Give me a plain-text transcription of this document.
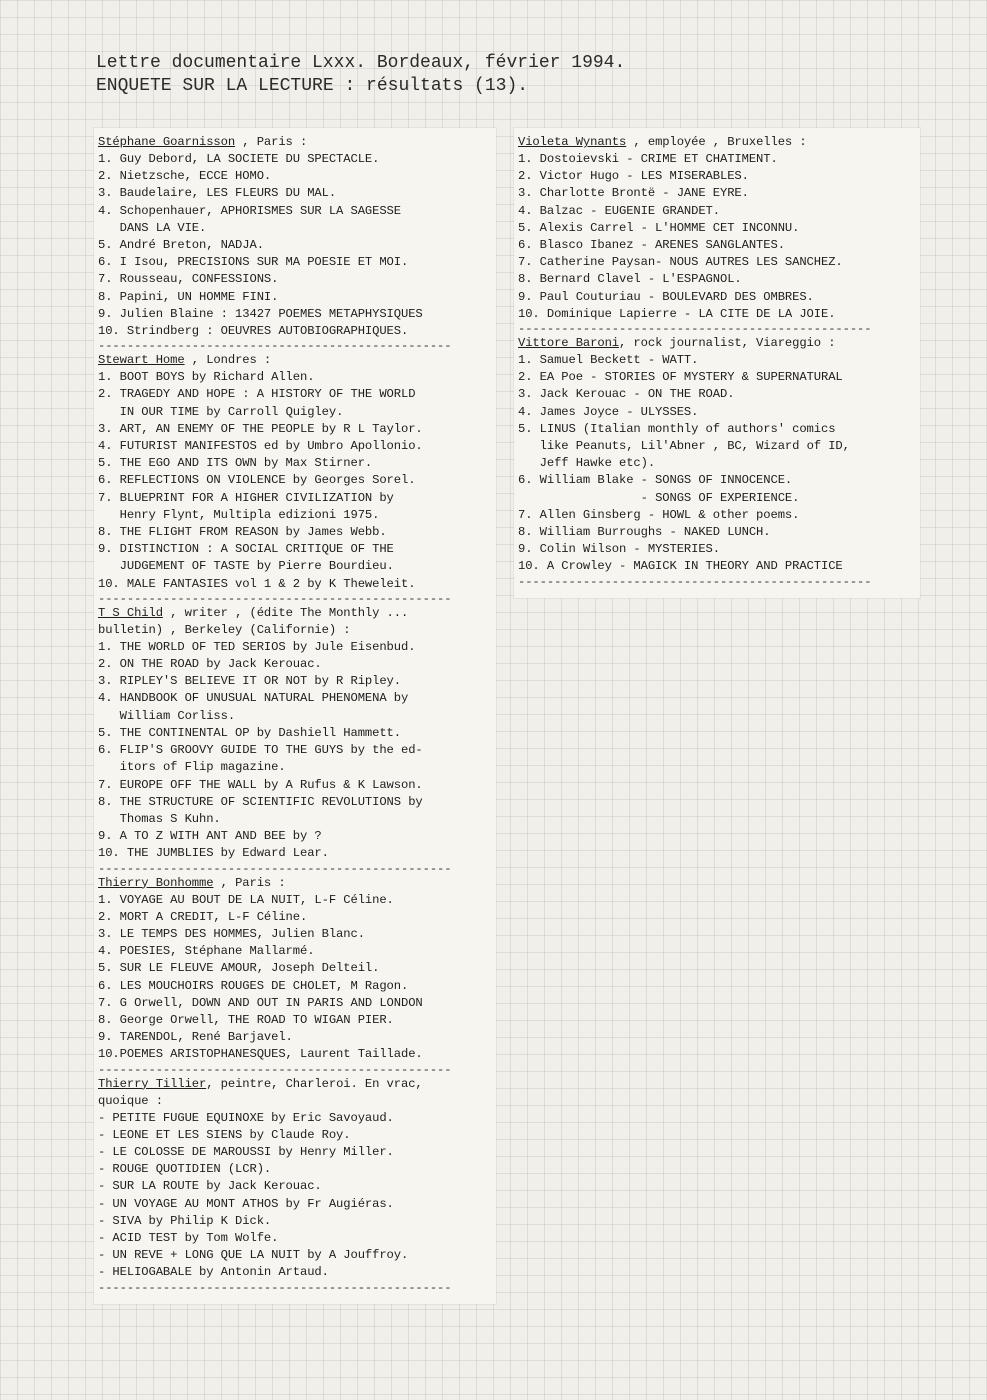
Lettre documentaire Lxxx. Bordeaux, février 1994.
ENQUETE SUR LA LECTURE : résultats (13).
Stéphane Goarnisson , Paris :
1. Guy Debord, LA SOCIETE DU SPECTACLE.
2. Nietzsche, ECCE HOMO.
3. Baudelaire, LES FLEURS DU MAL.
4. Schopenhauer, APHORISMES SUR LA SAGESSE
DANS LA VIE.
5. André Breton, NADJA.
6. I Isou, PRECISIONS SUR MA POESIE ET MOI.
7. Rousseau, CONFESSIONS.
8. Papini, UN HOMME FINI.
9. Julien Blaine : 13427 POEMES METAPHYSIQUES
10. Strindberg : OEUVRES AUTOBIOGRAPHIQUES.
-------------------------------------------------
Stewart Home , Londres :
1. BOOT BOYS by Richard Allen.
2. TRAGEDY AND HOPE : A HISTORY OF THE WORLD
IN OUR TIME by Carroll Quigley.
3. ART, AN ENEMY OF THE PEOPLE by R L Taylor.
4. FUTURIST MANIFESTOS ed by Umbro Apollonio.
5. THE EGO AND ITS OWN by Max Stirner.
6. REFLECTIONS ON VIOLENCE by Georges Sorel.
7. BLUEPRINT FOR A HIGHER CIVILIZATION by
Henry Flynt, Multipla edizioni 1975.
8. THE FLIGHT FROM REASON by James Webb.
9. DISTINCTION : A SOCIAL CRITIQUE OF THE
JUDGEMENT OF TASTE by Pierre Bourdieu.
10. MALE FANTASIES vol 1 & 2 by K Theweleit.
-------------------------------------------------
T S Child , writer , (édite The Monthly ...
bulletin) , Berkeley (Californie) :
1. THE WORLD OF TED SERIOS by Jule Eisenbud.
2. ON THE ROAD by Jack Kerouac.
3. RIPLEY'S BELIEVE IT OR NOT by R Ripley.
4. HANDBOOK OF UNUSUAL NATURAL PHENOMENA by
William Corliss.
5. THE CONTINENTAL OP by Dashiell Hammett.
6. FLIP'S GROOVY GUIDE TO THE GUYS by the ed-
itors of Flip magazine.
7. EUROPE OFF THE WALL by A Rufus & K Lawson.
8. THE STRUCTURE OF SCIENTIFIC REVOLUTIONS by
Thomas S Kuhn.
9. A TO Z WITH ANT AND BEE by ?
10. THE JUMBLIES by Edward Lear.
-------------------------------------------------
Thierry Bonhomme , Paris :
1. VOYAGE AU BOUT DE LA NUIT, L-F Céline.
2. MORT A CREDIT, L-F Céline.
3. LE TEMPS DES HOMMES, Julien Blanc.
4. POESIES, Stéphane Mallarmé.
5. SUR LE FLEUVE AMOUR, Joseph Delteil.
6. LES MOUCHOIRS ROUGES DE CHOLET, M Ragon.
7. G Orwell, DOWN AND OUT IN PARIS AND LONDON
8. George Orwell, THE ROAD TO WIGAN PIER.
9. TARENDOL, René Barjavel.
10.POEMES ARISTOPHANESQUES, Laurent Taillade.
-------------------------------------------------
Thierry Tillier, peintre, Charleroi. En vrac,
quoique :
- PETITE FUGUE EQUINOXE by Eric Savoyaud.
- LEONE ET LES SIENS by Claude Roy.
- LE COLOSSE DE MAROUSSI by Henry Miller.
- ROUGE QUOTIDIEN (LCR).
- SUR LA ROUTE by Jack Kerouac.
- UN VOYAGE AU MONT ATHOS by Fr Augiéras.
- SIVA by Philip K Dick.
- ACID TEST by Tom Wolfe.
- UN REVE + LONG QUE LA NUIT by A Jouffroy.
- HELIOGABALE by Antonin Artaud.
-------------------------------------------------
Violeta Wynants , employée , Bruxelles :
1. Dostoievski - CRIME ET CHATIMENT.
2. Victor Hugo - LES MISERABLES.
3. Charlotte Brontë - JANE EYRE.
4. Balzac - EUGENIE GRANDET.
5. Alexis Carrel - L'HOMME CET INCONNU.
6. Blasco Ibanez - ARENES SANGLANTES.
7. Catherine Paysan- NOUS AUTRES LES SANCHEZ.
8. Bernard Clavel - L'ESPAGNOL.
9. Paul Couturiau - BOULEVARD DES OMBRES.
10. Dominique Lapierre - LA CITE DE LA JOIE.
-------------------------------------------------
Vittore Baroni, rock journalist, Viareggio :
1. Samuel Beckett - WATT.
2. EA Poe - STORIES OF MYSTERY & SUPERNATURAL
3. Jack Kerouac - ON THE ROAD.
4. James Joyce - ULYSSES.
5. LINUS (Italian monthly of authors' comics
like Peanuts, Lil'Abner , BC, Wizard of ID,
Jeff Hawke etc).
6. William Blake - SONGS OF INNOCENCE.
- SONGS OF EXPERIENCE.
7. Allen Ginsberg - HOWL & other poems.
8. William Burroughs - NAKED LUNCH.
9. Colin Wilson - MYSTERIES.
10. A Crowley - MAGICK IN THEORY AND PRACTICE
-------------------------------------------------
